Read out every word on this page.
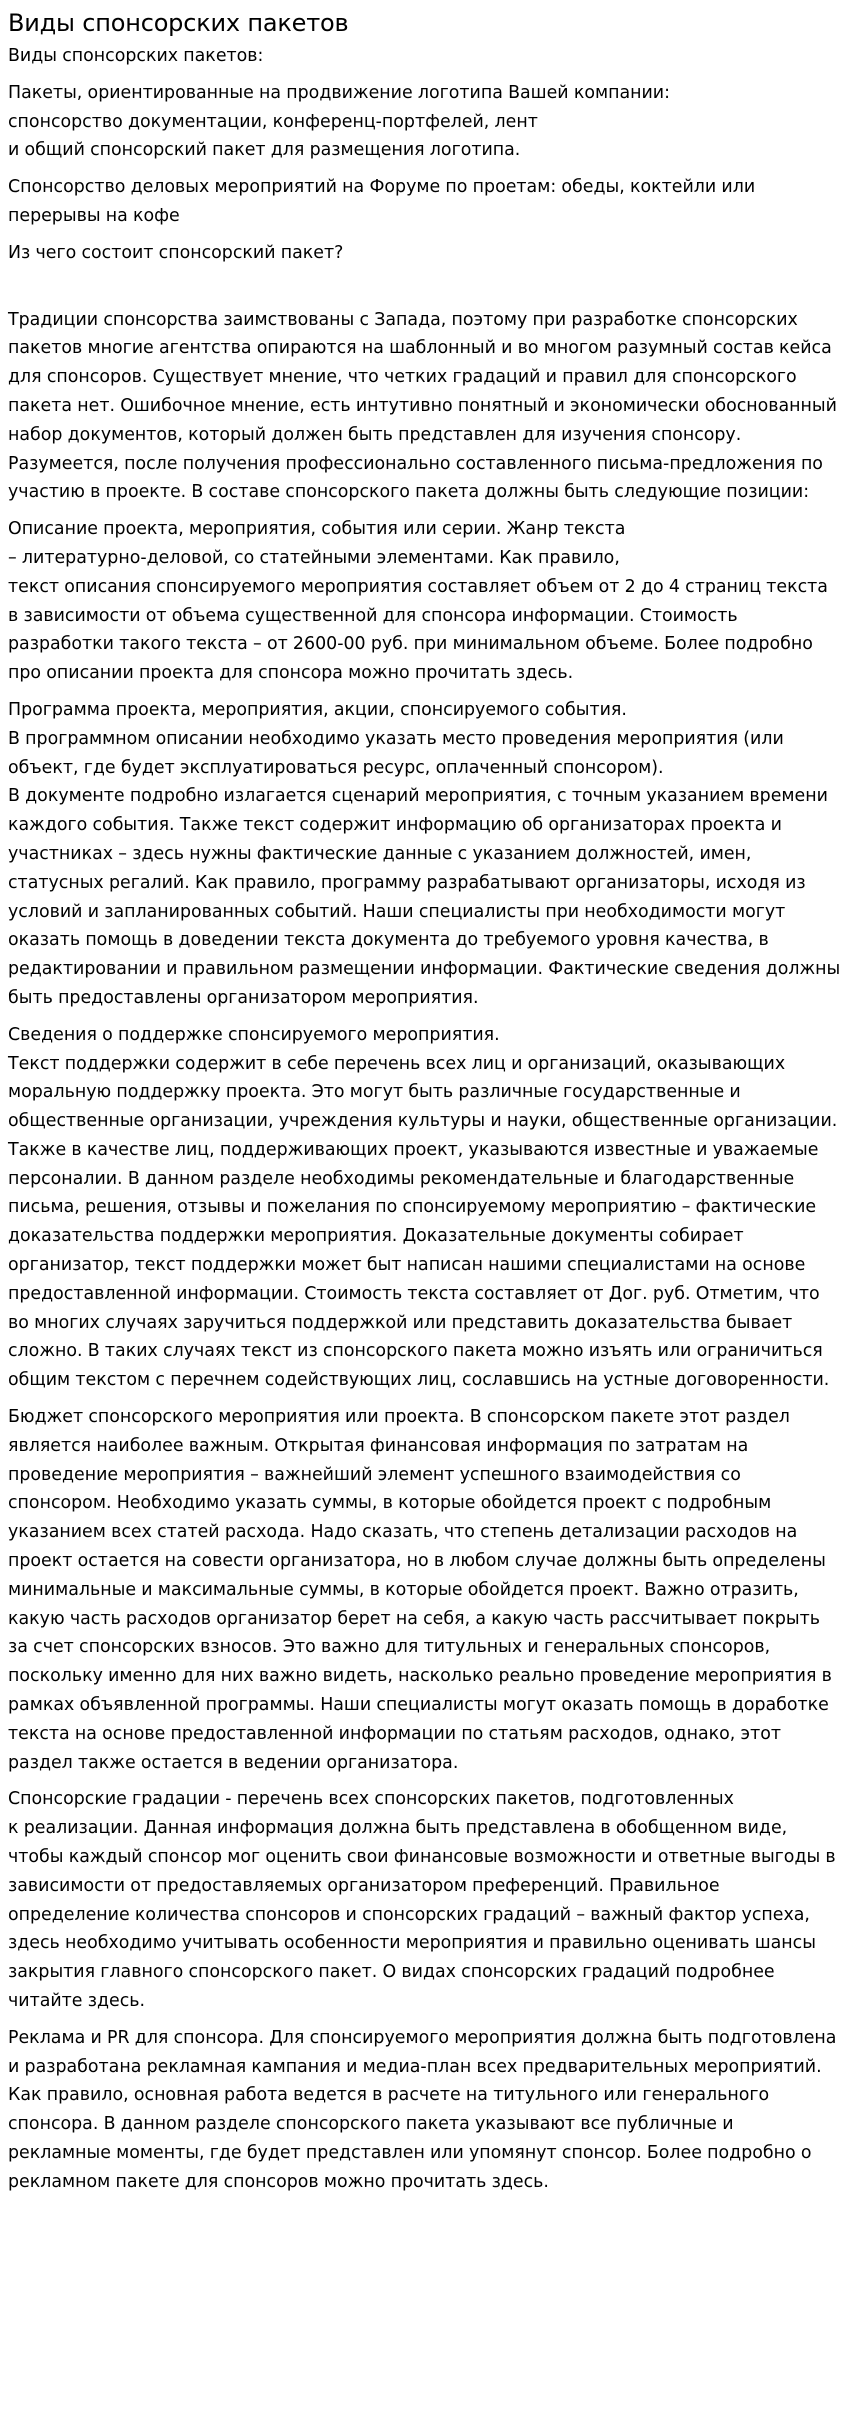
Виды спонсорских пакетов

Виды спонсорских пакетов:

Пакеты, ориентированные на продвижение логотипа Вашей компании:
спонсорство документации, конференц-портфелей, лент
и общий спонсорский пакет для размещения логотипа.

Спонсорство деловых мероприятий на Форуме по проетам: обеды, коктейли или перерывы на кофе

Из чего состоит спонсорский пакет?

Традиции спонсорства заимствованы с Запада, поэтому при разработке спонсорских пакетов многие агентства опираются на шаблонный и во многом разумный состав кейса для спонсоров. Существует мнение, что четких градаций и правил для спонсорского пакета нет. Ошибочное мнение, есть интутивно понятный и экономически обоснованный набор документов, который должен быть представлен для изучения спонсору. Разумеется, после получения профессионально составленного письма-предложения по участию в проекте. В составе спонсорского пакета должны быть следующие позиции:

Описание проекта, мероприятия, события или серии. Жанр текста
– литературно-деловой, со статейными элементами. Как правило,
текст описания спонсируемого мероприятия составляет объем от 2 до 4 страниц текста в зависимости от объема существенной для спонсора информации. Стоимость разработки такого текста – от 2600-00 руб. при минимальном объеме. Более подробно про описании проекта для спонсора можно прочитать здесь.

Программа проекта, мероприятия, акции, спонсируемого события.
В программном описании необходимо указать место проведения мероприятия (или объект, где будет эксплуатироваться ресурс, оплаченный спонсором).
В документе подробно излагается сценарий мероприятия, с точным указанием времени каждого события. Также текст содержит информацию об организаторах проекта и участниках – здесь нужны фактические данные с указанием должностей, имен, статусных регалий. Как правило, программу разрабатывают организаторы, исходя из условий и запланированных событий. Наши специалисты при необходимости могут оказать помощь в доведении текста документа до требуемого уровня качества, в редактировании и правильном размещении информации. Фактические сведения должны быть предоставлены организатором мероприятия.

Сведения о поддержке спонсируемого мероприятия.
Текст поддержки содержит в себе перечень всех лиц и организаций, оказывающих моральную поддержку проекта. Это могут быть различные государственные и общественные организации, учреждения культуры и науки, общественные организации. Также в качестве лиц, поддерживающих проект, указываются известные и уважаемые персоналии. В данном разделе необходимы рекомендательные и благодарственные письма, решения, отзывы и пожелания по спонсируемому мероприятию – фактические доказательства поддержки мероприятия. Доказательные документы собирает организатор, текст поддержки может быт написан нашими специалистами на основе предоставленной информации. Стоимость текста составляет от Дог. руб. Отметим, что во многих случаях заручиться поддержкой или представить доказательства бывает сложно. В таких случаях текст из спонсорского пакета можно изъять или ограничиться общим текстом с перечнем содействующих лиц, сославшись на устные договоренности.

Бюджет спонсорского мероприятия или проекта. В спонсорском пакете этот раздел является наиболее важным. Открытая финансовая информация по затратам на проведение мероприятия – важнейший элемент успешного взаимодействия со спонсором. Необходимо указать суммы, в которые обойдется проект с подробным указанием всех статей расхода. Надо сказать, что степень детализации расходов на проект остается на совести организатора, но в любом случае должны быть определены минимальные и максимальные суммы, в которые обойдется проект. Важно отразить, какую часть расходов организатор берет на себя, а какую часть рассчитывает покрыть за счет спонсорских взносов. Это важно для титульных и генеральных спонсоров, поскольку именно для них важно видеть, насколько реально проведение мероприятия в рамках объявленной программы. Наши специалисты могут оказать помощь в доработке текста на основе предоставленной информации по статьям расходов, однако, этот раздел также остается в ведении организатора.

Спонсорские градации - перечень всех спонсорских пакетов, подготовленных
к реализации. Данная информация должна быть представлена в обобщенном виде, чтобы каждый спонсор мог оценить свои финансовые возможности и ответные выгоды в зависимости от предоставляемых организатором преференций. Правильное определение количества спонсоров и спонсорских градаций – важный фактор успеха, здесь необходимо учитывать особенности мероприятия и правильно оценивать шансы закрытия главного спонсорского пакет. О видах спонсорских градаций подробнее читайте здесь.

Реклама и PR для спонсора. Для спонсируемого мероприятия должна быть подготовлена и разработана рекламная кампания и медиа-план всех предварительных мероприятий. Как правило, основная работа ведется в расчете на титульного или генерального спонсора. В данном разделе спонсорского пакета указывают все публичные и рекламные моменты, где будет представлен или упомянут спонсор. Более подробно о рекламном пакете для спонсоров можно прочитать здесь.
